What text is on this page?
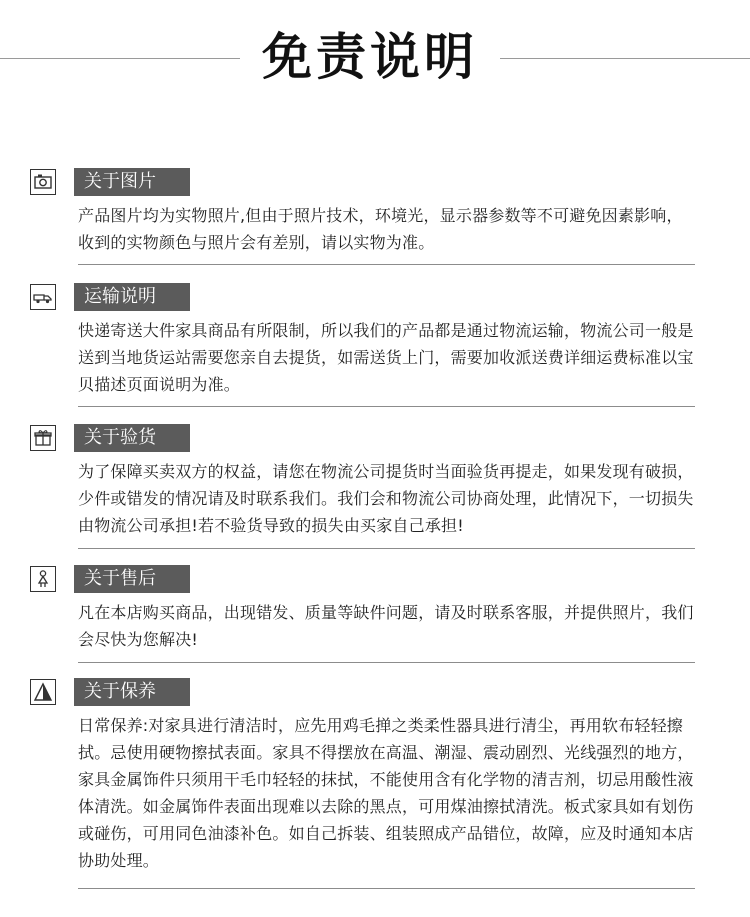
免责说明
关于图片
产品图片均为实物照片,但由于照片技术，环境光，显示器参数等不可避免因素影响，收到的实物颜色与照片会有差别，请以实物为准。
运输说明
快递寄送大件家具商品有所限制，所以我们的产品都是通过物流运输，物流公司一般是送到当地货运站需要您亲自去提货，如需送货上门，需要加收派送费详细运费标准以宝贝描述页面说明为准。
关于验货
为了保障买卖双方的权益，请您在物流公司提货时当面验货再提走，如果发现有破损，少件或错发的情况请及时联系我们。我们会和物流公司协商处理，此情况下，一切损失由物流公司承担!若不验货导致的损失由买家自己承担!
关于售后
凡在本店购买商品，出现错发、质量等缺件问题，请及时联系客服，并提供照片，我们会尽快为您解决!
关于保养
日常保养:对家具进行清洁时，应先用鸡毛掸之类柔性器具进行清尘，再用软布轻轻擦拭。忌使用硬物擦拭表面。家具不得摆放在高温、潮湿、震动剧烈、光线强烈的地方，家具金属饰件只须用干毛巾轻轻的抹拭，不能使用含有化学物的清吉剂，切忌用酸性液体清洗。如金属饰件表面出现难以去除的黑点，可用煤油擦拭清洗。板式家具如有划伤或碰伤，可用同色油漆补色。如自己拆装、组装照成产品错位，故障，应及时通知本店协助处理。
